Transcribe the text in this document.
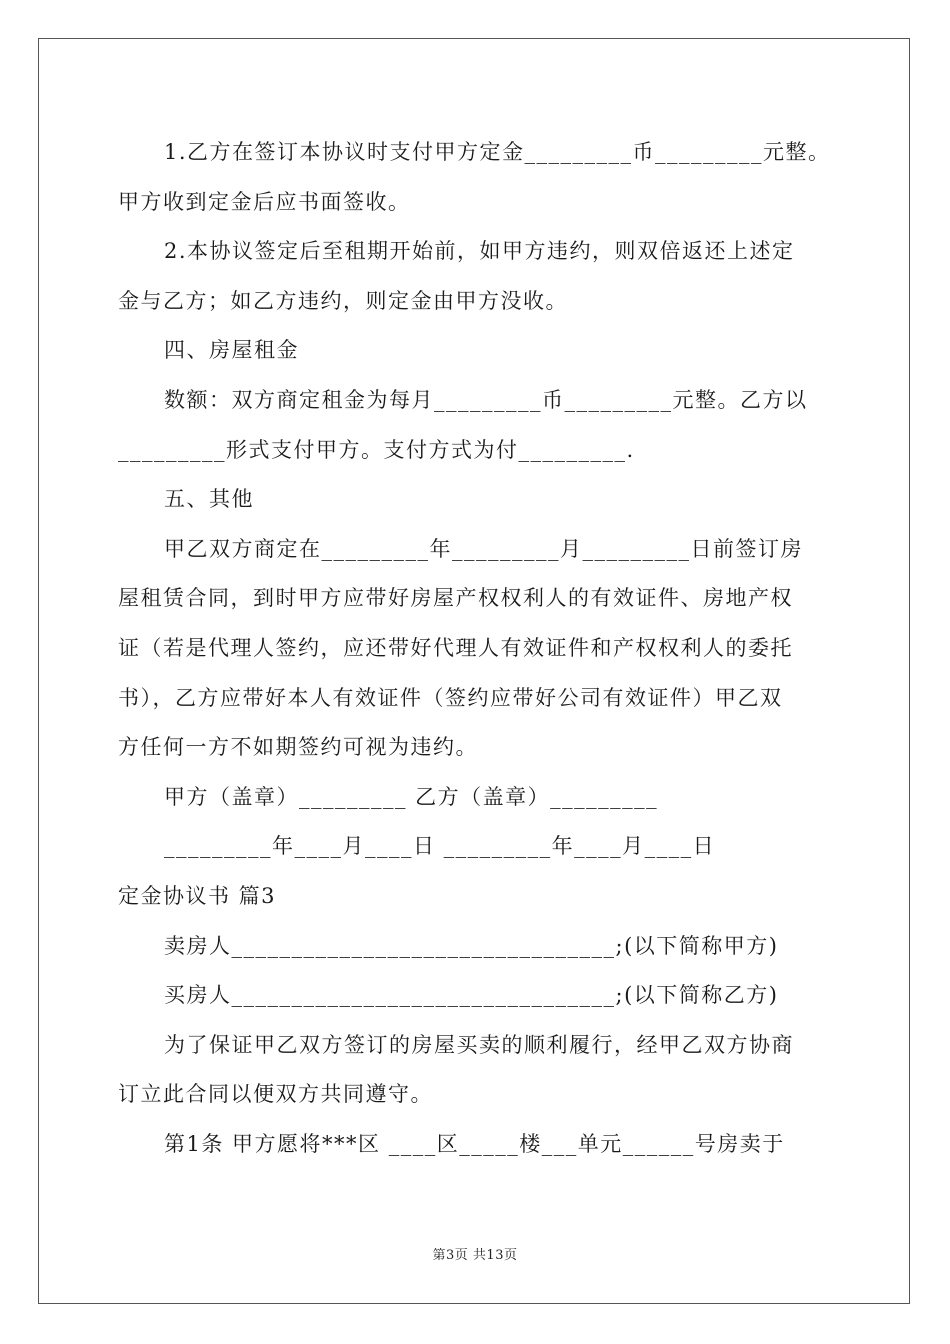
1.乙方在签订本协议时支付甲方定金_________币_________元整。
甲方收到定金后应书面签收。
2.本协议签定后至租期开始前，如甲方违约，则双倍返还上述定
金与乙方；如乙方违约，则定金由甲方没收。
四、房屋租金
数额：双方商定租金为每月_________币_________元整。乙方以
_________形式支付甲方。支付方式为付_________.
五、其他
甲乙双方商定在_________年_________月_________日前签订房
屋租赁合同，到时甲方应带好房屋产权权利人的有效证件、房地产权
证（若是代理人签约，应还带好代理人有效证件和产权权利人的委托
书），乙方应带好本人有效证件（签约应带好公司有效证件）甲乙双
方任何一方不如期签约可视为违约。
甲方（盖章）_________ 乙方（盖章）_________
_________年____月____日 _________年____月____日
定金协议书 篇3
卖房人________________________________;(以下简称甲方)
买房人________________________________;(以下简称乙方)
为了保证甲乙双方签订的房屋买卖的顺利履行，经甲乙双方协商
订立此合同以便双方共同遵守。
第1条 甲方愿将***区 ____区_____楼___单元______号房卖于
第3页 共13页
